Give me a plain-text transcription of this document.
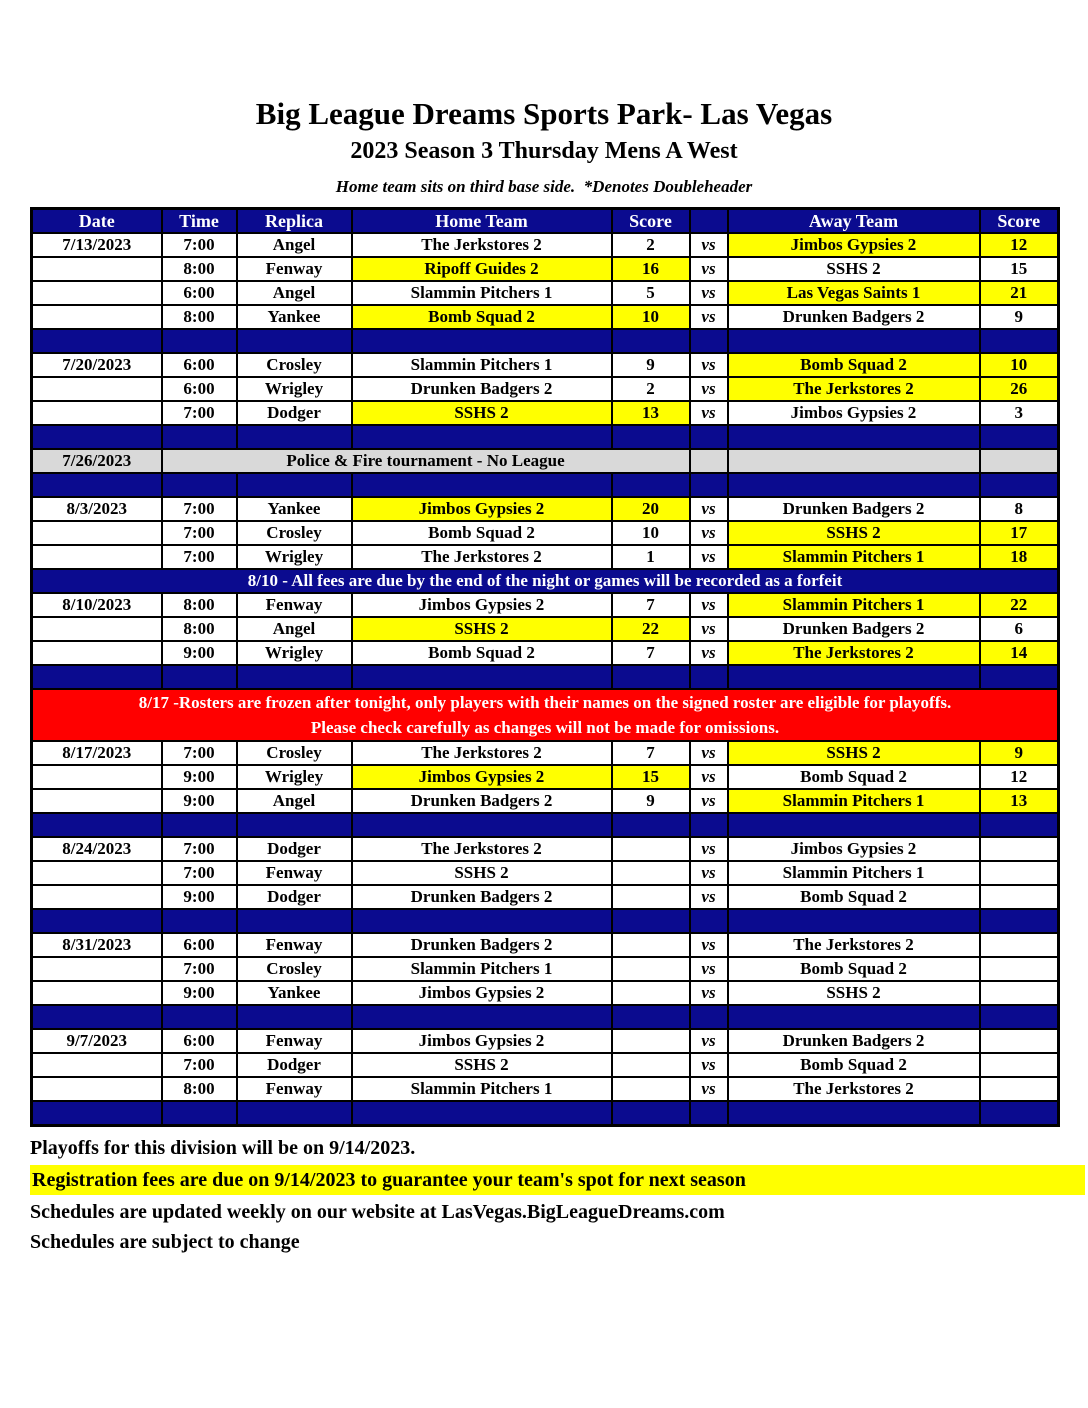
Big League Dreams Sports Park- Las Vegas
2023 Season 3 Thursday Mens A West
Home team sits on third base side.  *Denotes Doubleheader
Date	Time	Replica	Home Team	Score		Away Team	Score
7/13/2023	7:00	Angel	The Jerkstores 2	2	vs	Jimbos Gypsies 2	12
	8:00	Fenway	Ripoff Guides 2	16	vs	SSHS 2	15
	6:00	Angel	Slammin Pitchers 1	5	vs	Las Vegas Saints 1	21
	8:00	Yankee	Bomb Squad 2	10	vs	Drunken Badgers 2	9

7/20/2023	6:00	Crosley	Slammin Pitchers 1	9	vs	Bomb Squad 2	10
	6:00	Wrigley	Drunken Badgers 2	2	vs	The Jerkstores 2	26
	7:00	Dodger	SSHS 2	13	vs	Jimbos Gypsies 2	3

7/26/2023	Police & Fire tournament - No League						

8/3/2023	7:00	Yankee	Jimbos Gypsies 2	20	vs	Drunken Badgers 2	8
	7:00	Crosley	Bomb Squad 2	10	vs	SSHS 2	17
	7:00	Wrigley	The Jerkstores 2	1	vs	Slammin Pitchers 1	18
8/10 - All fees are due by the end of the night or games will be recorded as a forfeit							
8/10/2023	8:00	Fenway	Jimbos Gypsies 2	7	vs	Slammin Pitchers 1	22
	8:00	Angel	SSHS 2	22	vs	Drunken Badgers 2	6
	9:00	Wrigley	Bomb Squad 2	7	vs	The Jerkstores 2	14

8/17 -Rosters are frozen after tonight, only players with their names on the signed roster are eligible for playoffs.
Please check carefully as changes will not be made for omissions.							

8/17/2023	7:00	Crosley	The Jerkstores 2	7	vs	SSHS 2	9
	9:00	Wrigley	Jimbos Gypsies 2	15	vs	Bomb Squad 2	12
	9:00	Angel	Drunken Badgers 2	9	vs	Slammin Pitchers 1	13

8/24/2023	7:00	Dodger	The Jerkstores 2		vs	Jimbos Gypsies 2	
	7:00	Fenway	SSHS 2		vs	Slammin Pitchers 1	
	9:00	Dodger	Drunken Badgers 2		vs	Bomb Squad 2	

8/31/2023	6:00	Fenway	Drunken Badgers 2		vs	The Jerkstores 2	
	7:00	Crosley	Slammin Pitchers 1		vs	Bomb Squad 2	
	9:00	Yankee	Jimbos Gypsies 2		vs	SSHS 2	

9/7/2023	6:00	Fenway	Jimbos Gypsies 2		vs	Drunken Badgers 2	
	7:00	Dodger	SSHS 2		vs	Bomb Squad 2	
	8:00	Fenway	Slammin Pitchers 1		vs	The Jerkstores 2	

Playoffs for this division will be on 9/14/2023.
Registration fees are due on 9/14/2023 to guarantee your team's spot for next season
Schedules are updated weekly on our website at LasVegas.BigLeagueDreams.com
Schedules are subject to change
